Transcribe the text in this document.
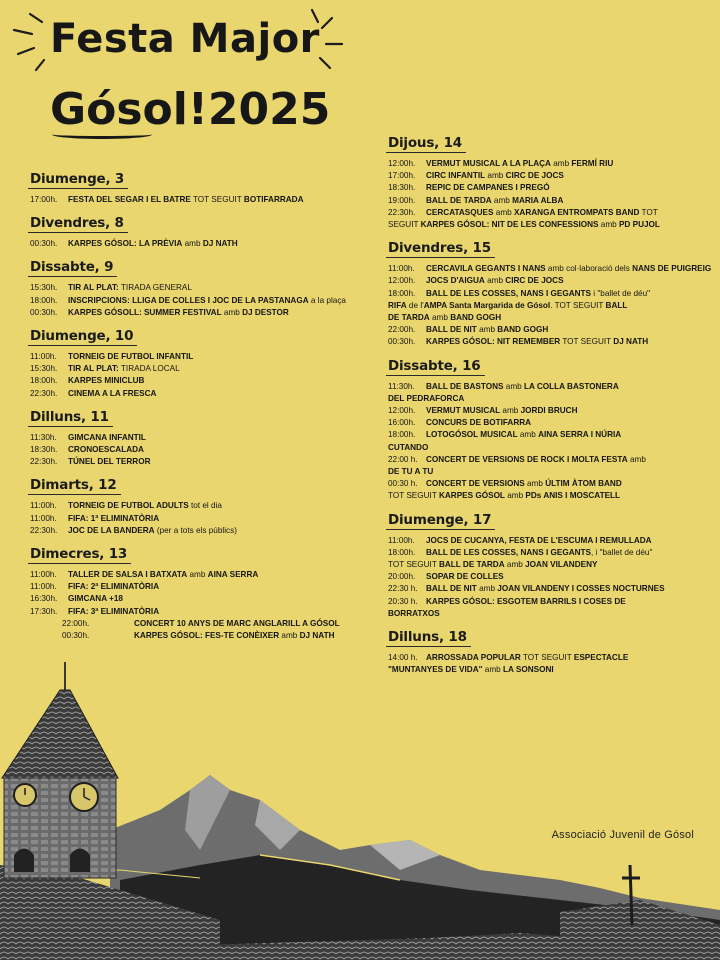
Festa Major
Gósol!2025
Diumenge, 3
17:00h.	FESTA DEL SEGAR I EL BATRE TOT SEGUIT BOTIFARRADA
Divendres, 8
00:30h.	KARPES GÓSOL: LA PRÈVIA amb DJ NATH
Dissabte, 9
15:30h.	TIR AL PLAT: TIRADA GENERAL
18:00h.	INSCRIPCIONS: LLIGA DE COLLES I JOC DE LA PASTANAGA a la plaça
00:30h.	KARPES GÓSOLL: SUMMER FESTIVAL amb DJ DESTOR
Diumenge, 10
11:00h.	TORNEIG DE FUTBOL INFANTIL
15:30h.	TIR AL PLAT: TIRADA LOCAL
18:00h.	KARPES MINICLUB
22:30h.	CINEMA A LA FRESCA
Dilluns, 11
11:30h.	GIMCANA INFANTIL
18:30h.	CRONOESCALADA
22:30h.	TÚNEL DEL TERROR
Dimarts, 12
11:00h.	TORNEIG DE FUTBOL ADULTS tot el dia
11:00h.	FIFA: 1ª ELIMINATÒRIA
22:30h.	JOC DE LA BANDERA (per a tots els públics)
Dimecres, 13
11:00h.	TALLER DE SALSA I BATXATA amb AINA SERRA
11:00h.	FIFA: 2ª ELIMINATÒRIA
16:30h.	GIMCANA +18
17:30h.	FIFA: 3ª ELIMINATÒRIA
22:00h.	CONCERT 10 ANYS DE MARC ANGLARILL A GÓSOL
00:30h.	KARPES GÓSOL: FES-TE CONÈIXER amb DJ NATH
Dijous, 14
12:00h.	VERMUT MUSICAL A LA PLAÇA amb FERMÍ RIU
17:00h.	CIRC INFANTIL amb CIRC DE JOCS
18:30h.	REPIC DE CAMPANES I PREGÓ
19:00h.	BALL DE TARDA amb MARIA ALBA
22:30h.	CERCATASQUES amb XARANGA ENTROMPATS BAND TOT
SEGUIT KARPES GÓSOL: NIT DE LES CONFESSIONS amb PD PUJOL
Divendres, 15
11:00h.	CERCAVILA GEGANTS I NANS amb col·laboració dels NANS DE PUIGREIG
12:00h.	JOCS D'AIGUA amb CIRC DE JOCS
18:00h.	BALL DE LES COSSES, NANS I GEGANTS i "ballet de déu"
RIFA de l'AMPA Santa Margarida de Gósol. TOT SEGUIT BALL
DE TARDA amb BAND GOGH
22:00h.	BALL DE NIT amb BAND GOGH
00:30h.	KARPES GÓSOL: NIT REMEMBER TOT SEGUIT DJ NATH
Dissabte, 16
11:30h.	BALL DE BASTONS amb LA COLLA BASTONERA
DEL PEDRAFORCA
12:00h.	VERMUT MUSICAL amb JORDI BRUCH
16:00h.	CONCURS DE BOTIFARRA
18:00h.	LOTOGÓSOL MUSICAL amb AINA SERRA I NÚRIA
CUTANDO
22:00 h.	CONCERT DE VERSIONS DE ROCK I MOLTA FESTA amb
DE TU A TU
00:30 h.	CONCERT DE VERSIONS amb ÚLTIM ÀTOM BAND
TOT SEGUIT KARPES GÓSOL amb PDs ANIS I MOSCATELL
Diumenge, 17
11:00h.	JOCS DE CUCANYA, FESTA DE L'ESCUMA I REMULLADA
18:00h.	BALL DE LES COSSES, NANS I GEGANTS, i "ballet de déu"
TOT SEGUIT BALL DE TARDA amb JOAN VILANDENY
20:00h.	SOPAR DE COLLES
22:30 h.	BALL DE NIT amb JOAN VILANDENY I COSSES NOCTURNES
20:30 h.	KARPES GÓSOL: ESGOTEM BARRILS I COSES DE
BORRATXOS
Dilluns, 18
14:00 h.	ARROSSADA POPULAR TOT SEGUIT ESPECTACLE
"MUNTANYES DE VIDA" amb LA SONSONI
Associació Juvenil de Gósol
